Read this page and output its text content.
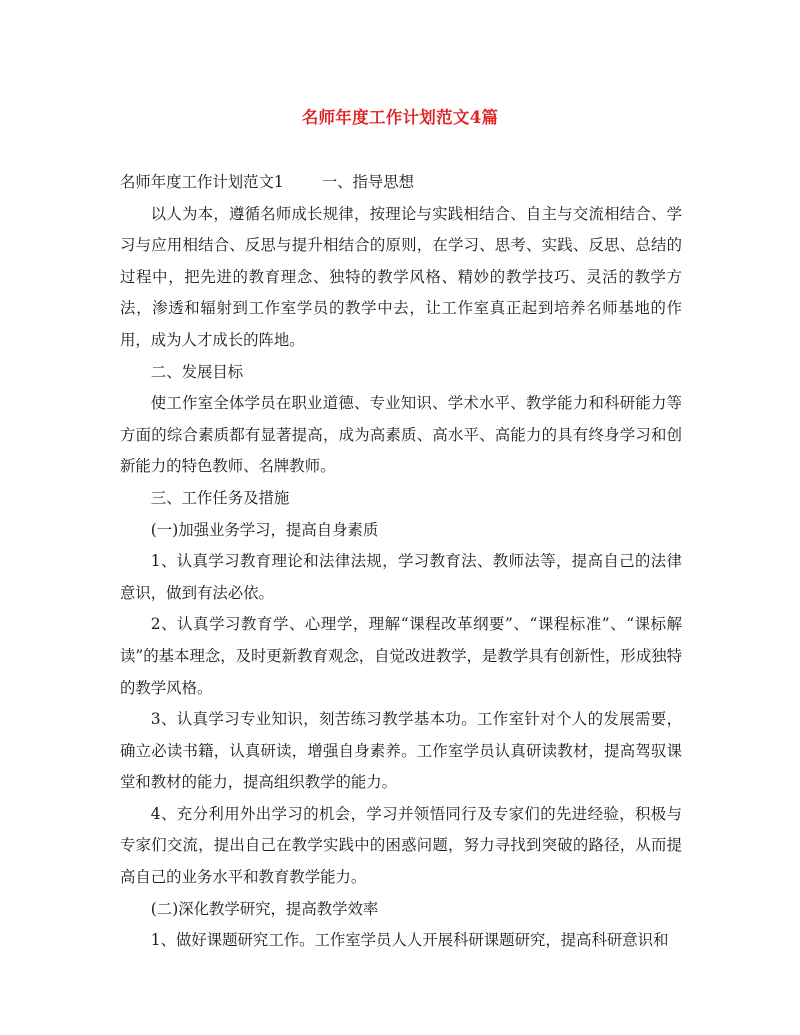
名师年度工作计划范文4篇
名师年度工作计划范文1 一、指导思想

以人为本，遵循名师成长规律，按理论与实践相结合、自主与交流相结合、学习与应用相结合、反思与提升相结合的原则，在学习、思考、实践、反思、总结的过程中，把先进的教育理念、独特的教学风格、精妙的教学技巧、灵活的教学方法，渗透和辐射到工作室学员的教学中去，让工作室真正起到培养名师基地的作用，成为人才成长的阵地。

二、发展目标

使工作室全体学员在职业道德、专业知识、学术水平、教学能力和科研能力等方面的综合素质都有显著提高，成为高素质、高水平、高能力的具有终身学习和创新能力的特色教师、名牌教师。

三、工作任务及措施

(一)加强业务学习，提高自身素质

1、认真学习教育理论和法律法规，学习教育法、教师法等，提高自己的法律意识，做到有法必依。

2、认真学习教育学、心理学，理解“课程改革纲要”、“课程标准”、“课标解读”的基本理念，及时更新教育观念，自觉改进教学，是教学具有创新性，形成独特的教学风格。

3、认真学习专业知识，刻苦练习教学基本功。工作室针对个人的发展需要，确立必读书籍，认真研读，增强自身素养。工作室学员认真研读教材，提高驾驭课堂和教材的能力，提高组织教学的能力。

4、充分利用外出学习的机会，学习并领悟同行及专家们的先进经验，积极与专家们交流，提出自己在教学实践中的困惑问题，努力寻找到突破的路径，从而提高自己的业务水平和教育教学能力。

(二)深化教学研究，提高教学效率

1、做好课题研究工作。工作室学员人人开展科研课题研究，提高科研意识和
